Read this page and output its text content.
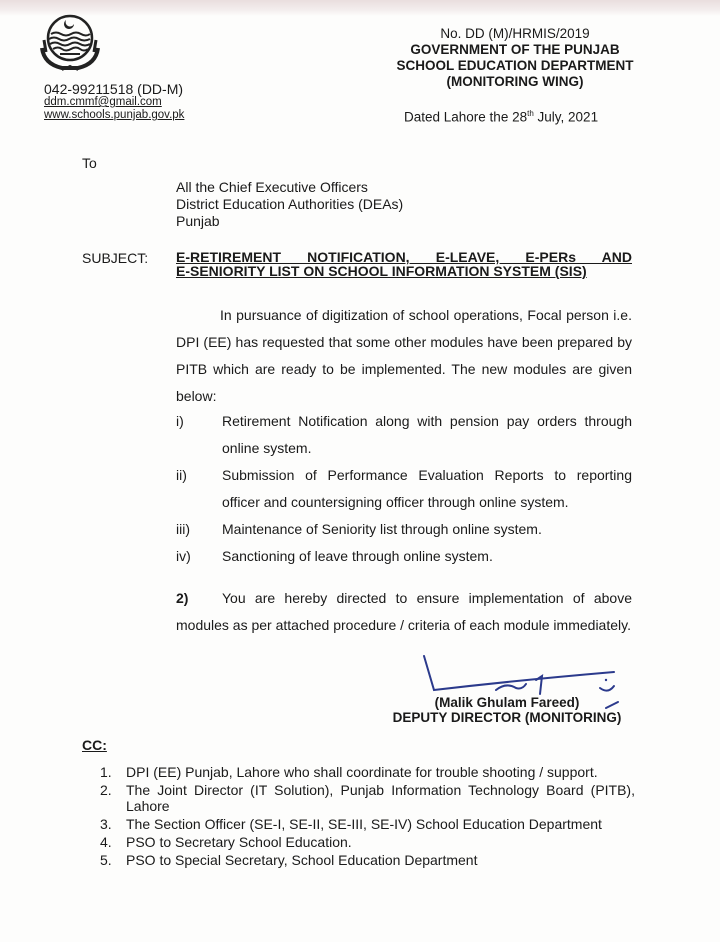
042-99211518 (DD-M)
ddm.cmmf@gmail.com
www.schools.punjab.gov.pk
No. DD (M)/HRMIS/2019
GOVERNMENT OF THE PUNJAB
SCHOOL EDUCATION DEPARTMENT
(MONITORING WING)
Dated Lahore the 28th July, 2021
To
All the Chief Executive Officers
District Education Authorities (DEAs)
Punjab
SUBJECT: E-RETIREMENT NOTIFICATION, E-LEAVE, E-PERs AND
E-SENIORITY LIST ON SCHOOL INFORMATION SYSTEM (SIS)
In pursuance of digitization of school operations, Focal person i.e. DPI (EE) has requested that some other modules have been prepared by PITB which are ready to be implemented. The new modules are given below:
i)	Retirement Notification along with pension pay orders through online system.
ii)	Submission of Performance Evaluation Reports to reporting officer and countersigning officer through online system.
iii)	Maintenance of Seniority list through online system.
iv)	Sanctioning of leave through online system.
2) You are hereby directed to ensure implementation of above modules as per attached procedure / criteria of each module immediately.
(Malik Ghulam Fareed)
DEPUTY DIRECTOR (MONITORING)
CC:
1.	DPI (EE) Punjab, Lahore who shall coordinate for trouble shooting / support.
2.	The Joint Director (IT Solution), Punjab Information Technology Board (PITB), Lahore
3.	The Section Officer (SE-I, SE-II, SE-III, SE-IV) School Education Department
4.	PSO to Secretary School Education.
5.	PSO to Special Secretary, School Education Department
